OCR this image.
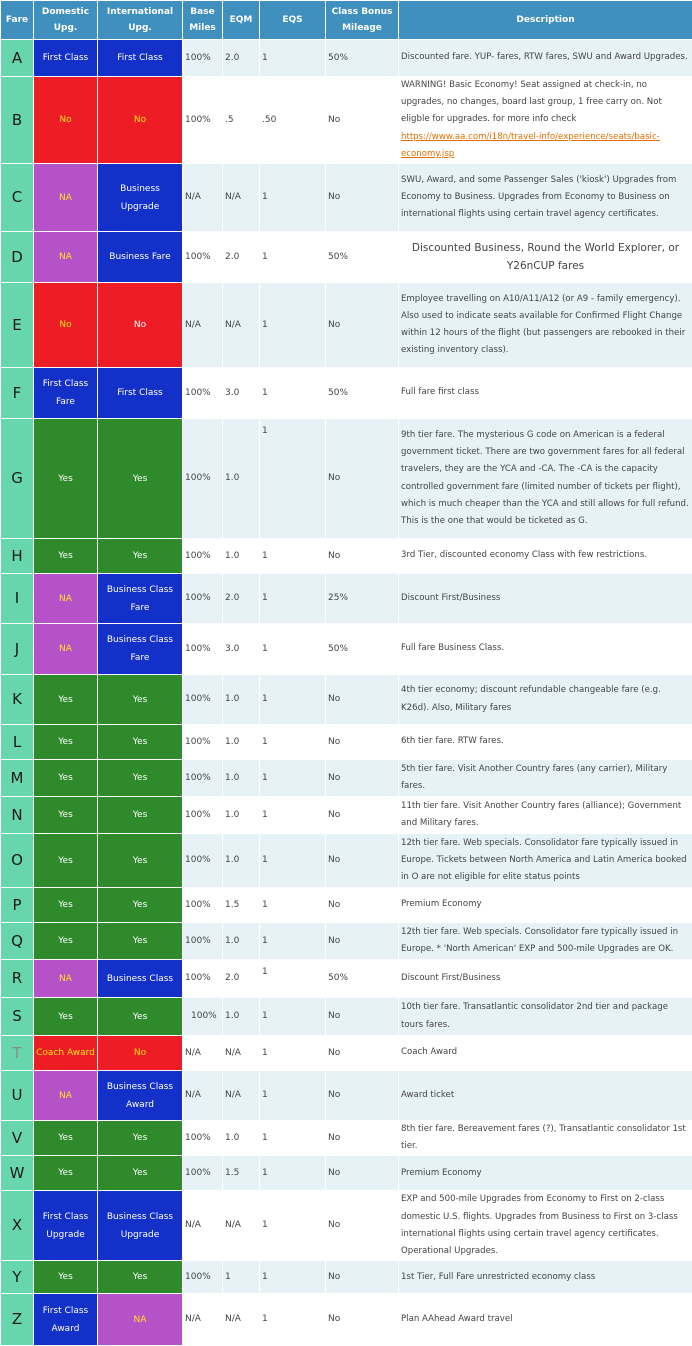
Fare	Domestic Upg.	International Upg.	Base Miles	EQM	EQS	Class Bonus Mileage	Description
A	First Class	First Class	100%	2.0	1	50%	Discounted fare. YUP- fares, RTW fares, SWU and Award Upgrades.
B	No	No	100%	.5	.50	No	WARNING! Basic Economy! Seat assigned at check-in, no upgrades, no changes, board last group, 1 free carry on. Not eligble for upgrades. for more info check https://www.aa.com/i18n/travel-info/experience/seats/basic-economy.jsp
C	NA	Business Upgrade	N/A	N/A	1	No	SWU, Award, and some Passenger Sales ('kiosk') Upgrades from Economy to Business. Upgrades from Economy to Business on international flights using certain travel agency certificates.
D	NA	Business Fare	100%	2.0	1	50%	Discounted Business, Round the World Explorer, or Y26nCUP fares
E	No	No	N/A	N/A	1	No	Employee travelling on A10/A11/A12 (or A9 - family emergency). Also used to indicate seats available for Confirmed Flight Change within 12 hours of the flight (but passengers are rebooked in their existing inventory class).
F	First Class Fare	First Class	100%	3.0	1	50%	Full fare first class
G	Yes	Yes	100%	1.0	1	No	9th tier fare. The mysterious G code on American is a federal government ticket. There are two government fares for all federal travelers, they are the YCA and -CA. The -CA is the capacity controlled government fare (limited number of tickets per flight), which is much cheaper than the YCA and still allows for full refund. This is the one that would be ticketed as G.
H	Yes	Yes	100%	1.0	1	No	3rd Tier, discounted economy Class with few restrictions.
I	NA	Business Class Fare	100%	2.0	1	25%	Discount First/Business
J	NA	Business Class Fare	100%	3.0	1	50%	Full fare Business Class.
K	Yes	Yes	100%	1.0	1	No	4th tier economy; discount refundable changeable fare (e.g. K26d). Also, Military fares
L	Yes	Yes	100%	1.0	1	No	6th tier fare. RTW fares.
M	Yes	Yes	100%	1.0	1	No	5th tier fare. Visit Another Country fares (any carrier), Military fares.
N	Yes	Yes	100%	1.0	1	No	11th tier fare. Visit Another Country fares (alliance); Government and Military fares.
O	Yes	Yes	100%	1.0	1	No	12th tier fare. Web specials. Consolidator fare typically issued in Europe. Tickets between North America and Latin America booked in O are not eligible for elite status points
P	Yes	Yes	100%	1.5	1	No	Premium Economy
Q	Yes	Yes	100%	1.0	1	No	12th tier fare. Web specials. Consolidator fare typically issued in Europe. * 'North American' EXP and 500-mile Upgrades are OK.
R	NA	Business Class	100%	2.0	1	50%	Discount First/Business
S	Yes	Yes	100%	1.0	1	No	10th tier fare. Transatlantic consolidator 2nd tier and package tours fares.
T	Coach Award	No	N/A	N/A	1	No	Coach Award
U	NA	Business Class Award	N/A	N/A	1	No	Award ticket
V	Yes	Yes	100%	1.0	1	No	8th tier fare. Bereavement fares (?), Transatlantic consolidator 1st tier.
W	Yes	Yes	100%	1.5	1	No	Premium Economy
X	First Class Upgrade	Business Class Upgrade	N/A	N/A	1	No	EXP and 500-mile Upgrades from Economy to First on 2-class domestic U.S. flights. Upgrades from Business to First on 3-class international flights using certain travel agency certificates. Operational Upgrades.
Y	Yes	Yes	100%	1	1	No	1st Tier, Full Fare unrestricted economy class
Z	First Class Award	NA	N/A	N/A	1	No	Plan AAhead Award travel
